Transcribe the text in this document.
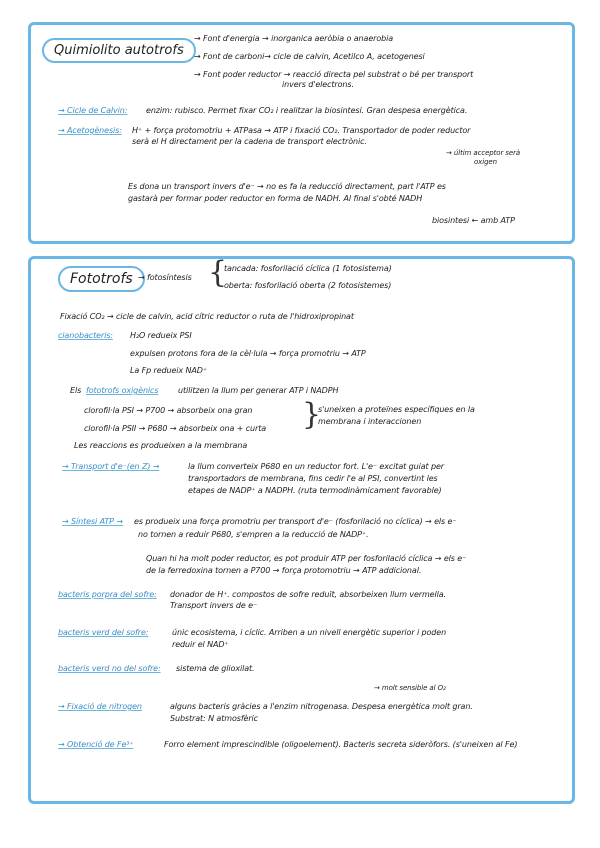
Quimiolito autotrofs
→ Font d'energia → inorganica aeròbia o anaerobia
→ Font de carboni→ cicle de calvin, Acetilco A, acetogenesi
→ Font poder reductor → reacció directa pel substrat o bé per transport
invers d'electrons.
→ Cicle de Calvin: enzim: rubisco. Permet fixar CO₂ i realitzar la biosintesi. Gran despesa energètica.
→ Acetogènesis: H⁺ + força protomotriu + ATPasa → ATP i fixació CO₂. Transportador de poder reductor
serà el H directament per la cadena de transport electrònic.
→ últim acceptor serà
oxigen
Es dona un transport invers d'e⁻ → no es fa la reducció directament, part l'ATP es
gastarà per formar poder reductor en forma de NADH. Al final s'obté NADH
biosintesi ← amb ATP
Fototrofs → fotosíntesis {
tancada: fosforilació cíclica (1 fotosistema)
oberta: fosforilació oberta (2 fotosistemes)
Fixació CO₂ → cicle de calvin, acid cítric reductor o ruta de l'hidroxipropinat
cianobacteris: H₂O redueix PSI
expulsen protons fora de la cèl·lula → força promotriu → ATP
La Fp redueix NAD⁺
Els fototrofs oxigènics utilitzen la llum per generar ATP i NADPH
clorofil·la PSI → P700 → absorbeix ona gran
clorofil·la PSII → P680 → absorbeix ona + curta }
s'uneixen a proteïnes específiques en la
membrana i interaccionen
Les reaccions es produeixen a la membrana
→ Transport d'e⁻(en Z) →	la llum converteix P680 en un reductor fort. L'e⁻ excitat guiat per
transportadors de membrana, fins cedir l'e al PSI, convertint les
etapes de NADP⁺ a NADPH. (ruta termodinàmicament favorable)
→ Síntesi ATP → es produeix una força promotriu per transport d'e⁻ (fosforilació no cíclica) → els e⁻
no tornen a reduir P680, s'empren a la reducció de NADP⁺.
Quan hi ha molt poder reductor, es pot produir ATP per fosforilació cíclica → els e⁻
de la ferredoxina tornen a P700 → força protomotriu → ATP addicional.
bacteris porpra del sofre: donador de H⁺. compostos de sofre reduït, absorbeixen llum vermella.
Transport invers de e⁻
bacteris verd del sofre:	únic ecosistema, i cíclic. Arriben a un nivell energètic superior i poden
reduir el NAD⁺
bacteris verd no del sofre: sistema de glioxilat.
→ molt sensible al O₂
→ Fixació de nitrogen	alguns bacteris gràcies a l'enzim nitrogenasa. Despesa energètica molt gran.
Substrat: N atmosfèric
→ Obtenció de Fe³⁺	Forro element imprescindible (oligoelement). Bacteris secreta sideròfors. (s'uneixen al Fe)
